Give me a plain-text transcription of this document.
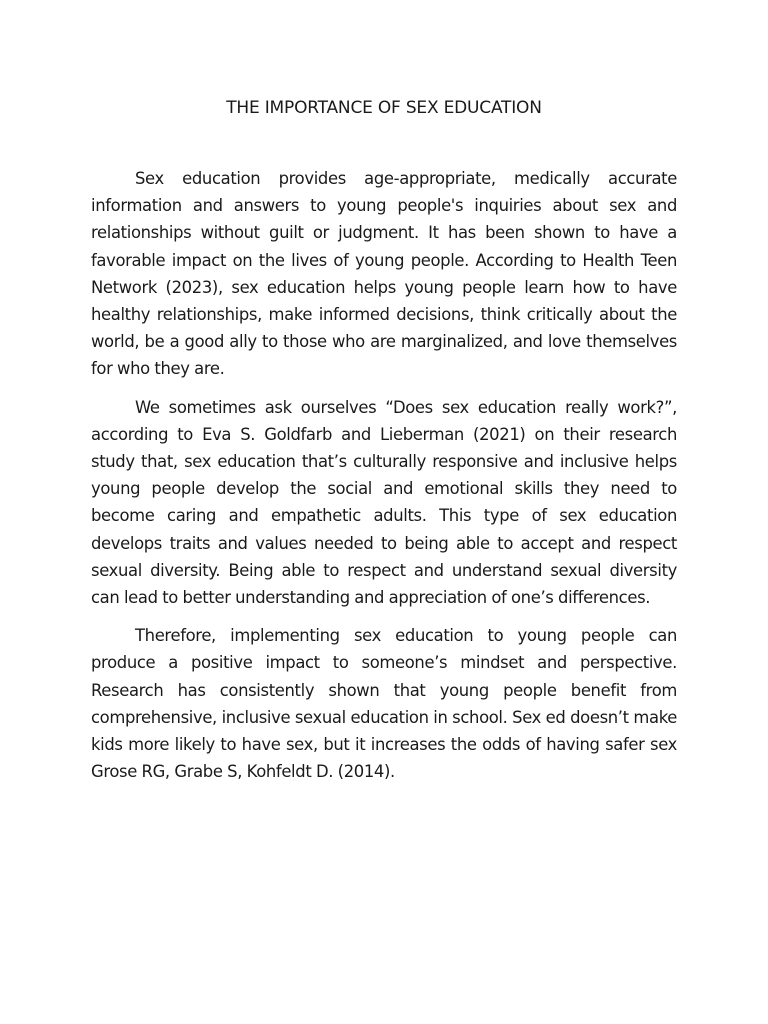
THE IMPORTANCE OF SEX EDUCATION

Sex education provides age-appropriate, medically accurate information and answers to young people's inquiries about sex and relationships without guilt or judgment. It has been shown to have a favorable impact on the lives of young people. According to Health Teen Network (2023), sex education helps young people learn how to have healthy relationships, make informed decisions, think critically about the world, be a good ally to those who are marginalized, and love themselves for who they are.

We sometimes ask ourselves “Does sex education really work?”, according to Eva S. Goldfarb and Lieberman (2021) on their research study that, sex education that’s culturally responsive and inclusive helps young people develop the social and emotional skills they need to become caring and empathetic adults. This type of sex education develops traits and values needed to being able to accept and respect sexual diversity. Being able to respect and understand sexual diversity can lead to better understanding and appreciation of one’s differences.

Therefore, implementing sex education to young people can produce a positive impact to someone’s mindset and perspective. Research has consistently shown that young people benefit from comprehensive, inclusive sexual education in school. Sex ed doesn’t make kids more likely to have sex, but it increases the odds of having safer sex Grose RG, Grabe S, Kohfeldt D. (2014).
